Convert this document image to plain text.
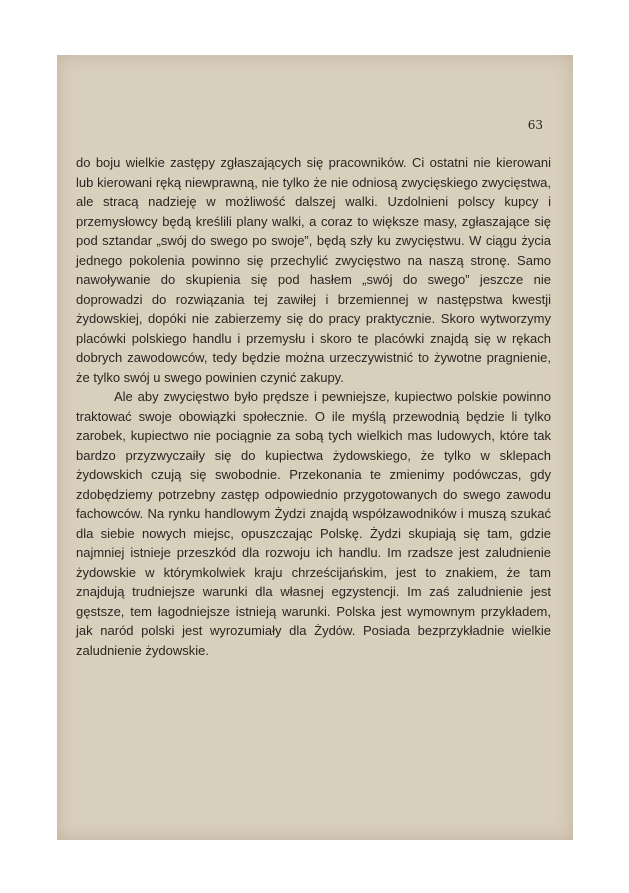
63

do boju wielkie zastępy zgłaszających się pracowników. Ci ostatni nie kierowani lub kierowani ręką niewprawną, nie tylko że nie odniosą zwycięskiego zwycięstwa, ale stracą nadzieję w możliwość dalszej walki. Uzdolnieni polscy kupcy i przemysłowcy będą kreślili plany walki, a coraz to większe masy, zgłaszające się pod sztandar „swój do swego po swoje”, będą szły ku zwycięstwu. W ciągu życia jednego pokolenia powinno się przechylić zwycięstwo na naszą stronę. Samo nawoływanie do skupienia się pod hasłem „swój do swego” jeszcze nie doprowadzi do rozwiązania tej zawiłej i brzemiennej w następstwa kwestji żydowskiej, dopóki nie zabierzemy się do pracy praktycznie. Skoro wytworzymy placówki polskiego handlu i przemysłu i skoro te placówki znajdą się w rękach dobrych zawodowców, tedy będzie można urzeczywistnić to żywotne pragnienie, że tylko swój u swego powinien czynić zakupy.

Ale aby zwycięstwo było prędsze i pewniejsze, kupiectwo polskie powinno traktować swoje obowiązki społecznie. O ile myślą przewodnią będzie li tylko zarobek, kupiectwo nie pociągnie za sobą tych wielkich mas ludowych, które tak bardzo przyzwyczaiły się do kupiectwa żydowskiego, że tylko w sklepach żydowskich czują się swobodnie. Przekonania te zmienimy podówczas, gdy zdobędziemy potrzebny zastęp odpowiednio przygotowanych do swego zawodu fachowców. Na rynku handlowym Żydzi znajdą współzawodników i muszą szukać dla siebie nowych miejsc, opuszczając Polskę. Żydzi skupiają się tam, gdzie najmniej istnieje przeszkód dla rozwoju ich handlu. Im rzadsze jest zaludnienie żydowskie w którymkolwiek kraju chrześcijańskim, jest to znakiem, że tam znajdują trudniejsze warunki dla własnej egzystencji. Im zaś zaludnienie jest gęstsze, tem łagodniejsze istnieją warunki. Polska jest wymownym przykładem, jak naród polski jest wyrozumiały dla Żydów. Posiada bezprzykładnie wielkie zaludnienie żydowskie.
